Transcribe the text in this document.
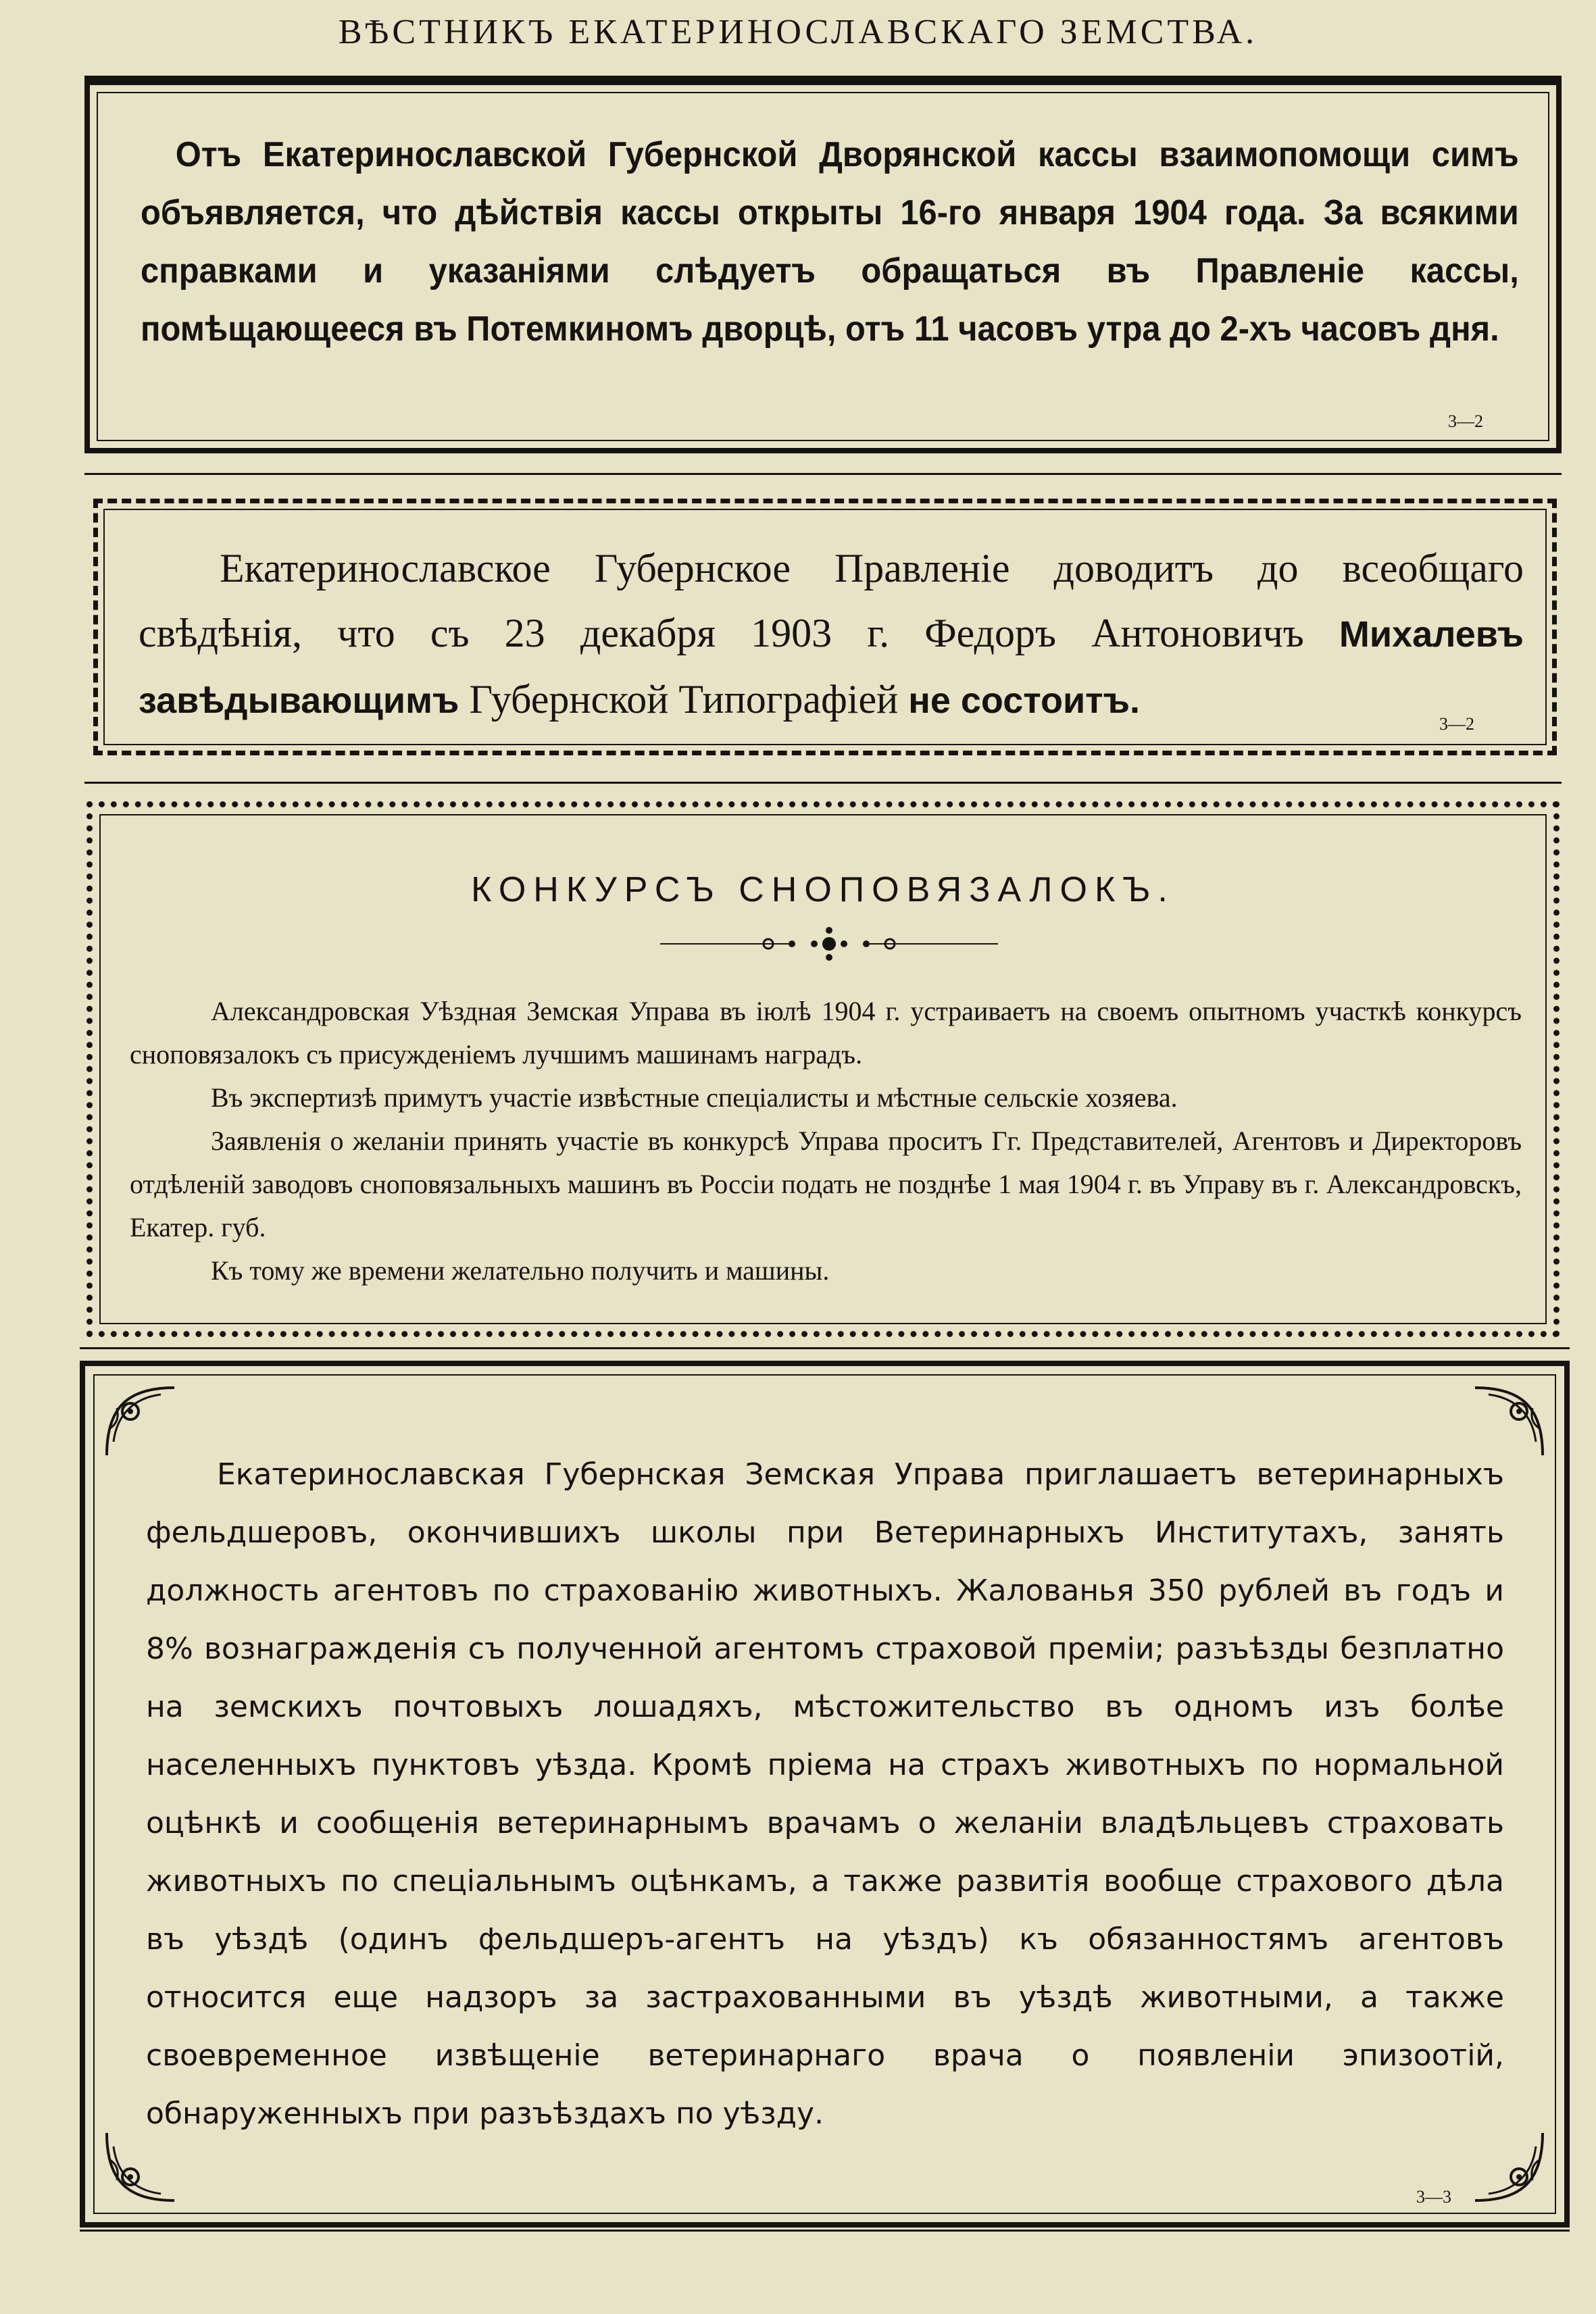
ВѢСТНИКЪ ЕКАТЕРИНОСЛАВСКАГО ЗЕМСТВА.
Отъ Екатеринославской Губернской Дворянской кассы взаимопомощи симъ объявляется, что дѣйствія кассы открыты 16-го января 1904 года. За всякими справками и указаніями слѣдуетъ обращаться въ Правленіе кассы, помѣщающееся въ Потемкиномъ дворцѣ, отъ 11 часовъ утра до 2-хъ часовъ дня.
3—2
Екатеринославское Губернское Правленіе доводитъ до всеобщаго свѣдѣнія, что съ 23 декабря 1903 г. Федоръ Антоновичъ Михалевъ завѣдывающимъ Губернской Типографіей не состоитъ.
3—2
КОНКУРСЪ СНОПОВЯЗАЛОКЪ.

Александровская Уѣздная Земская Управа въ іюлѣ 1904 г. устраиваетъ на своемъ опытномъ участкѣ конкурсъ сноповязалокъ съ присужденіемъ лучшимъ машинамъ наградъ.

Въ экспертизѣ примутъ участіе извѣстные спеціалисты и мѣстные сельскіе хозяева.

Заявленія о желаніи принять участіе въ конкурсѣ Управа проситъ Гг. Представителей, Агентовъ и Директоровъ отдѣленій заводовъ сноповязальныхъ машинъ въ Россіи подать не позднѣе 1 мая 1904 г. въ Управу въ г. Александровскъ, Екатер. губ.

Къ тому же времени желательно получить и машины.

Екатеринославская Губернская Земская Управа приглашаетъ ветеринарныхъ фельдшеровъ, окончившихъ школы при Ветеринарныхъ Институтахъ, занять должность агентовъ по страхованію животныхъ. Жалованья 350 рублей въ годъ и 8% вознагражденія съ полученной агентомъ страховой преміи; разъѣзды безплатно на земскихъ почтовыхъ лошадяхъ, мѣстожительство въ одномъ изъ болѣе населенныхъ пунктовъ уѣзда. Кромѣ пріема на страхъ животныхъ по нормальной оцѣнкѣ и сообщенія ветеринарнымъ врачамъ о желаніи владѣльцевъ страховать животныхъ по спеціальнымъ оцѣнкамъ, а также развитія вообще страхового дѣла въ уѣздѣ (одинъ фельдшеръ-агентъ на уѣздъ) къ обязанностямъ агентовъ относится еще надзоръ за застрахованными въ уѣздѣ животными, а также своевременное извѣщеніе ветеринарнаго врача о появленіи эпизоотій, обнаруженныхъ при разъѣздахъ по уѣзду.
3—3
